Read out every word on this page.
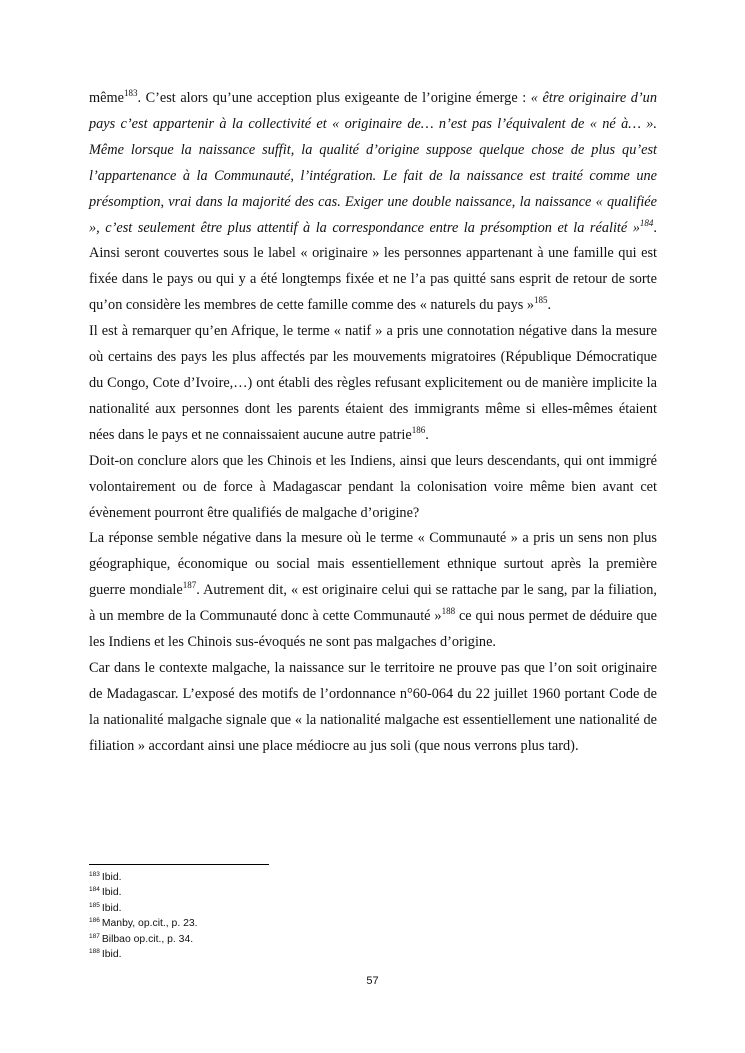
même$^{183}$. C’est alors qu’une acception plus exigeante de l’origine émerge : « être originaire d’un pays c’est appartenir à la collectivité et « originaire de… n’est pas l’équivalent de « né à… ». Même lorsque la naissance suffit, la qualité d’origine suppose quelque chose de plus qu’est l’appartenance à la Communauté, l’intégration. Le fait de la naissance est traité comme une présomption, vrai dans la majorité des cas. Exiger une double naissance, la naissance « qualifiée », c’est seulement être plus attentif à la correspondance entre la présomption et la réalité »$^{184}$. Ainsi seront couvertes sous le label « originaire » les personnes appartenant à une famille qui est fixée dans le pays ou qui y a été longtemps fixée et ne l’a pas quitté sans esprit de retour de sorte qu’on considère les membres de cette famille comme des « naturels du pays »$^{185}$.

Il est à remarquer qu’en Afrique, le terme « natif » a pris une connotation négative dans la mesure où certains des pays les plus affectés par les mouvements migratoires (République Démocratique du Congo, Cote d’Ivoire,…) ont établi des règles refusant explicitement ou de manière implicite la nationalité aux personnes dont les parents étaient des immigrants même si elles-mêmes étaient nées dans le pays et ne connaissaient aucune autre patrie$^{186}$.

Doit-on conclure alors que les Chinois et les Indiens, ainsi que leurs descendants, qui ont immigré volontairement ou de force à Madagascar pendant la colonisation voire même bien avant cet évènement pourront être qualifiés de malgache d’origine?

La réponse semble négative dans la mesure où le terme « Communauté » a pris un sens non plus géographique, économique ou social mais essentiellement ethnique surtout après la première guerre mondiale$^{187}$. Autrement dit, « est originaire celui qui se rattache par le sang, par la filiation, à un membre de la Communauté donc à cette Communauté »$^{188}$ ce qui nous permet de déduire que les Indiens et les Chinois sus-évoqués ne sont pas malgaches d’origine.

Car dans le contexte malgache, la naissance sur le territoire ne prouve pas que l’on soit originaire de Madagascar. L’exposé des motifs de l’ordonnance n°60-064 du 22 juillet 1960 portant Code de la nationalité malgache signale que « la nationalité malgache est essentiellement une nationalité de filiation » accordant ainsi une place médiocre au jus soli (que nous verrons plus tard).

$^{183}$ Ibid.
$^{184}$ Ibid.
$^{185}$ Ibid.
$^{186}$ Manby, op.cit., p. 23.
$^{187}$ Bilbao op.cit., p. 34.
$^{188}$ Ibid.
57
